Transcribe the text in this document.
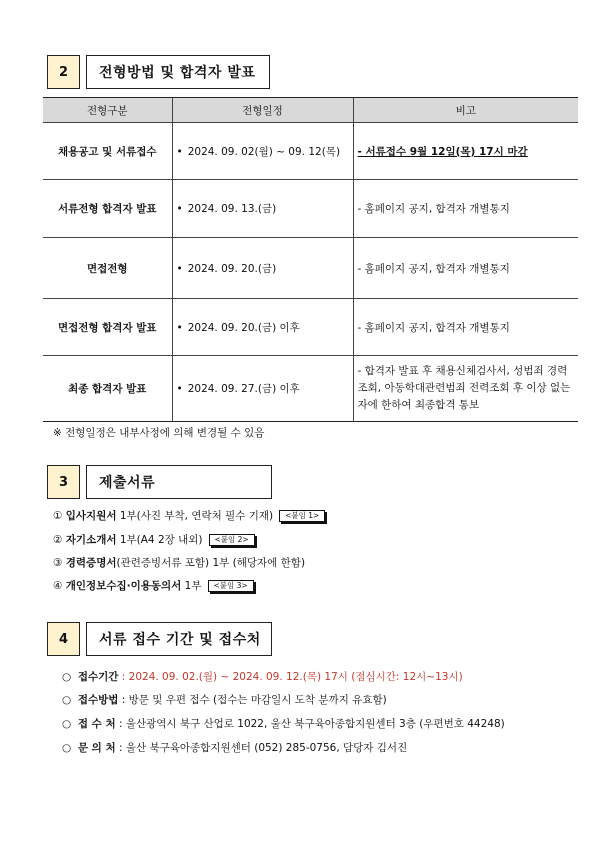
2	전형방법 및 합격자 발표
전형구분	전형일정	비고
채용공고 및 서류접수	• 2024. 09. 02(월) ~ 09. 12(목)	- 서류접수 9월 12일(목) 17시 마감
서류전형 합격자 발표	• 2024. 09. 13.(금)	- 홈페이지 공지, 합격자 개별통지
면접전형	• 2024. 09. 20.(금)	- 홈페이지 공지, 합격자 개별통지
면접전형 합격자 발표	• 2024. 09. 20.(금) 이후	- 홈페이지 공지, 합격자 개별통지
최종 합격자 발표	• 2024. 09. 27.(금) 이후	- 합격자 발표 후 채용신체검사서, 성범죄 경력조회, 아동학대관련범죄 전력조회 후 이상 없는 자에 한하여 최종합격 통보
※ 전형일정은 내부사정에 의해 변경될 수 있음
3	제출서류
①
입사지원서
1부(사진 부착, 연락처 필수 기재)	<붙임 1>
②
자기소개서
1부(A4 2장 내외)	<붙임 2>
③
경력증명서 (관련증빙서류 포함) 1부 (해당자에 한함)
④
개인정보수집·이용동의서
1부	<붙임 3>
4	서류 접수 기간 및 접수처
○ 접수기간 : 2024. 09. 02.(월) ~ 2024. 09. 12.(목) 17시 (점심시간: 12시~13시)
○ 접수방법 : 방문 및 우편 접수 (접수는 마감일시 도착 분까지 유효함)
○ 접 수 처 : 울산광역시 북구 산업로 1022, 울산 북구육아종합지원센터 3층 (우편번호 44248)
○ 문 의 처 : 울산 북구육아종합지원센터 (052) 285-0756, 담당자 김서진
